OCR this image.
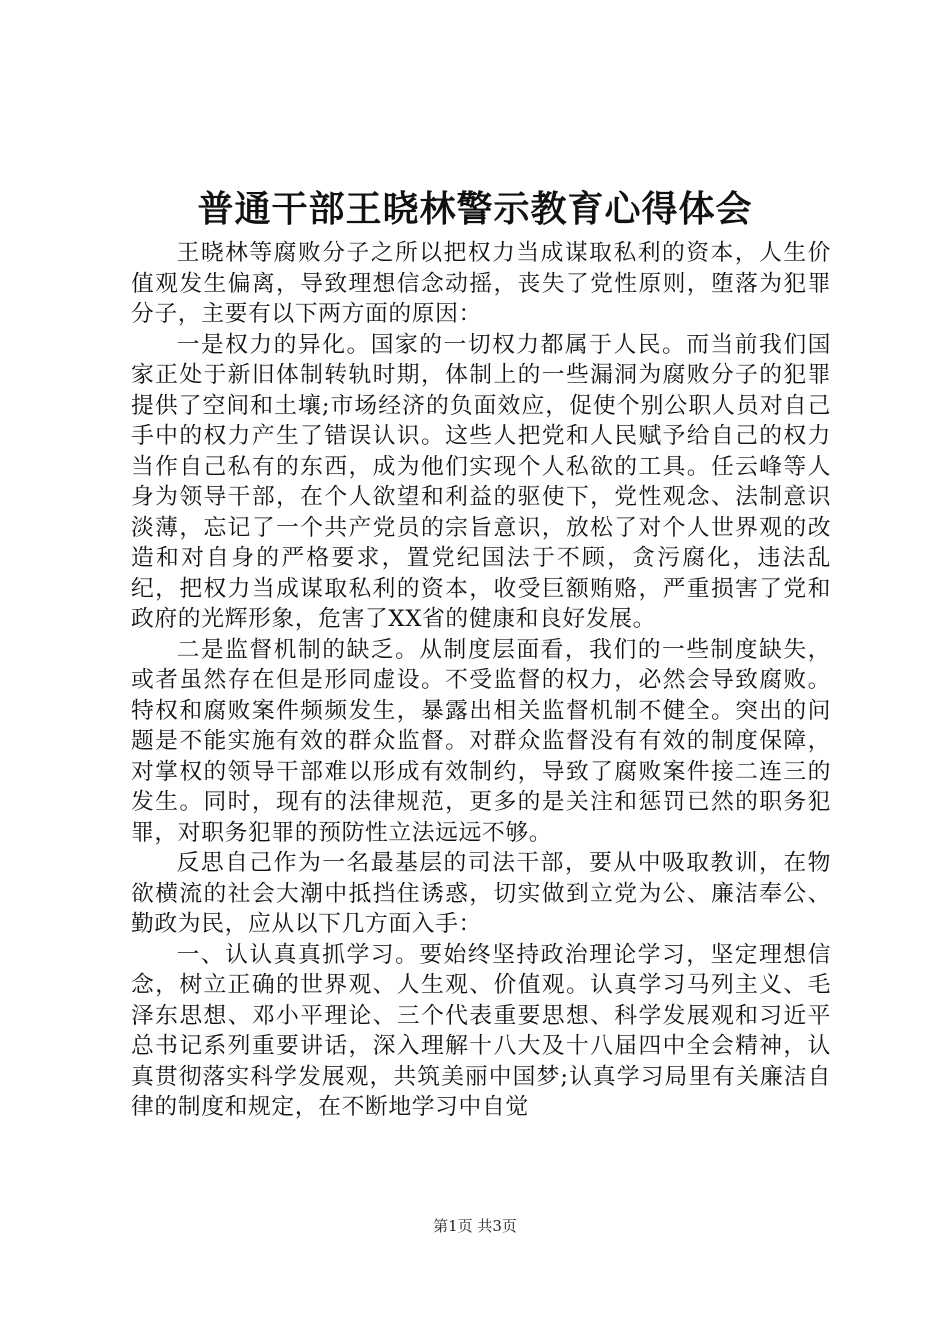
普通干部王晓林警示教育心得体会

王晓林等腐败分子之所以把权力当成谋取私利的资本，人生价值观发生偏离，导致理想信念动摇，丧失了党性原则，堕落为犯罪分子，主要有以下两方面的原因：

一是权力的异化。国家的一切权力都属于人民。而当前我们国家正处于新旧体制转轨时期，体制上的一些漏洞为腐败分子的犯罪提供了空间和土壤;市场经济的负面效应，促使个别公职人员对自己手中的权力产生了错误认识。这些人把党和人民赋予给自己的权力当作自己私有的东西，成为他们实现个人私欲的工具。任云峰等人身为领导干部，在个人欲望和利益的驱使下，党性观念、法制意识淡薄，忘记了一个共产党员的宗旨意识，放松了对个人世界观的改造和对自身的严格要求，置党纪国法于不顾，贪污腐化，违法乱纪，把权力当成谋取私利的资本，收受巨额贿赂，严重损害了党和政府的光辉形象，危害了XX省的健康和良好发展。

二是监督机制的缺乏。从制度层面看，我们的一些制度缺失，或者虽然存在但是形同虚设。不受监督的权力，必然会导致腐败。特权和腐败案件频频发生，暴露出相关监督机制不健全。突出的问题是不能实施有效的群众监督。对群众监督没有有效的制度保障，对掌权的领导干部难以形成有效制约，导致了腐败案件接二连三的发生。同时，现有的法律规范，更多的是关注和惩罚已然的职务犯罪，对职务犯罪的预防性立法远远不够。

反思自己作为一名最基层的司法干部，要从中吸取教训，在物欲横流的社会大潮中抵挡住诱惑，切实做到立党为公、廉洁奉公、勤政为民，应从以下几方面入手：

一、认认真真抓学习。要始终坚持政治理论学习，坚定理想信念，树立正确的世界观、人生观、价值观。认真学习马列主义、毛泽东思想、邓小平理论、三个代表重要思想、科学发展观和习近平总书记系列重要讲话，深入理解十八大及十八届四中全会精神，认真贯彻落实科学发展观，共筑美丽中国梦;认真学习局里有关廉洁自律的制度和规定，在不断地学习中自觉

第1页 共3页
